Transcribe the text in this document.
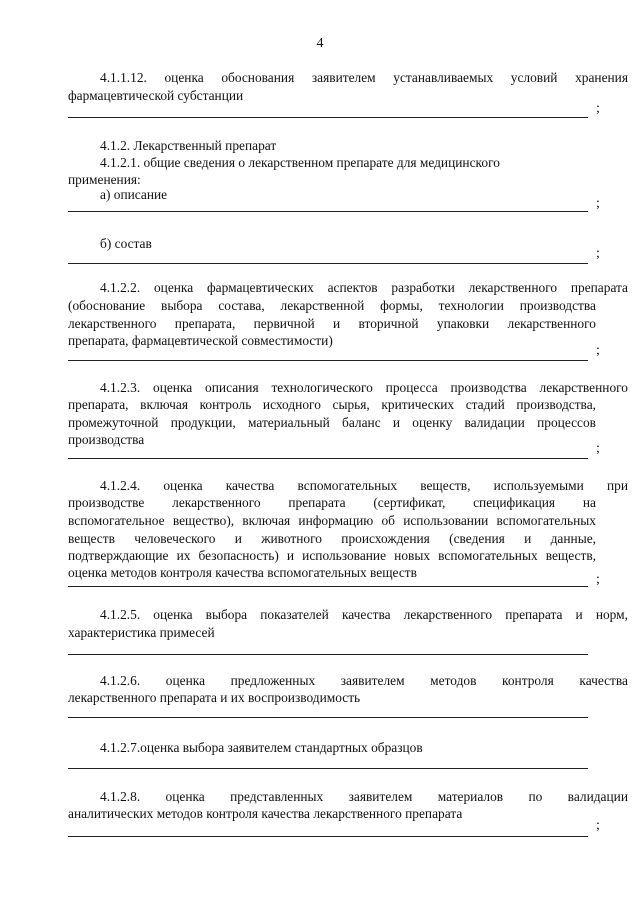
4
4.1.1.12. оценка обоснования заявителем устанавливаемых условий хранения
фармацевтической субстанции
;
4.1.2. Лекарственный препарат
4.1.2.1. общие сведения о лекарственном препарате для медицинского
применения:
а) описание
;
б) состав
;
4.1.2.2. оценка фармацевтических аспектов разработки лекарственного препарата
(обоснование выбора состава, лекарственной формы, технологии производства
лекарственного препарата, первичной и вторичной упаковки лекарственного
препарата, фармацевтической совместимости)
;
4.1.2.3. оценка описания технологического процесса производства лекарственного
препарата, включая контроль исходного сырья, критических стадий производства,
промежуточной продукции, материальный баланс и оценку валидации процессов
производства
;
4.1.2.4. оценка качества вспомогательных веществ, используемыми при
производстве лекарственного препарата (сертификат, спецификация на
вспомогательное вещество), включая информацию об использовании вспомогательных
веществ человеческого и животного происхождения (сведения и данные,
подтверждающие их безопасность) и использование новых вспомогательных веществ,
оценка методов контроля качества вспомогательных веществ	;
4.1.2.5. оценка выбора показателей качества лекарственного препарата и норм,
характеристика примесей
4.1.2.6. оценка предложенных заявителем методов контроля качества
лекарственного препарата и их воспроизводимость
4.1.2.7.оценка выбора заявителем стандартных образцов
4.1.2.8. оценка представленных заявителем материалов по валидации
аналитических методов контроля качества лекарственного препарата
;
